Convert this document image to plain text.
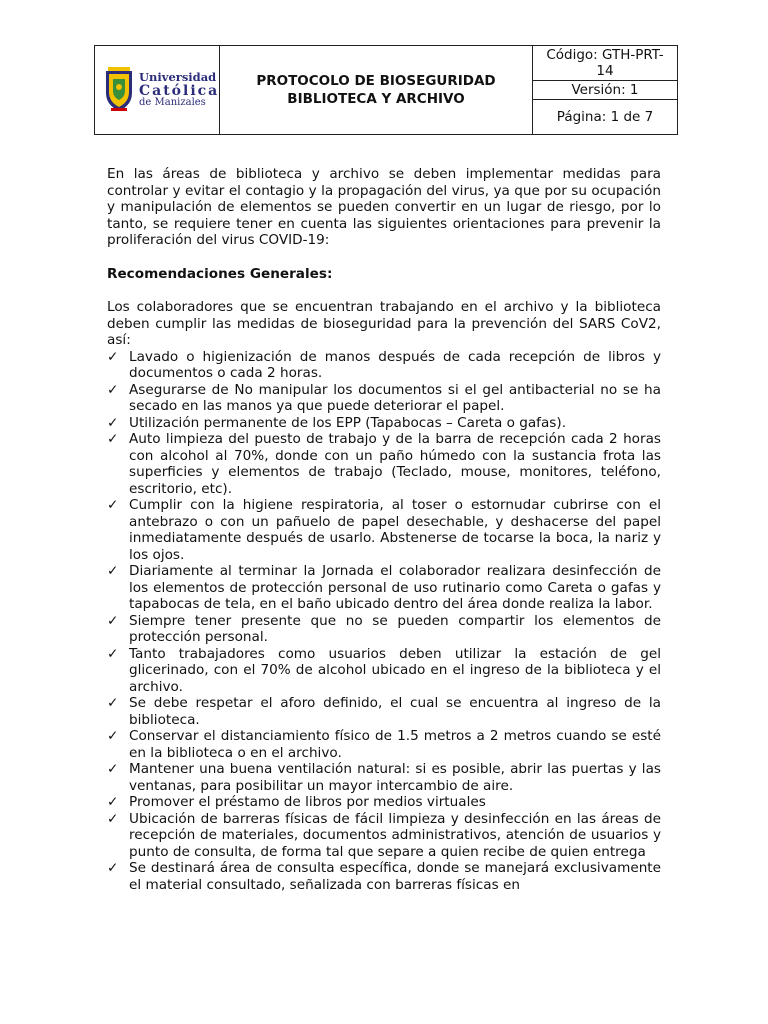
Universidad
Católica
de Manizales

PROTOCOLO DE BIOSEGURIDAD
BIBLIOTECA Y ARCHIVO

Código: GTH-PRT-14

Versión: 1
Página: 1 de 7

En las áreas de biblioteca y archivo se deben implementar medidas para controlar y evitar el contagio y la propagación del virus, ya que por su ocupación y manipulación de elementos se pueden convertir en un lugar de riesgo, por lo tanto, se requiere tener en cuenta las siguientes orientaciones para prevenir la proliferación del virus COVID-19:

Recomendaciones Generales:

Los colaboradores que se encuentran trabajando en el archivo y la biblioteca deben cumplir las medidas de bioseguridad para la prevención del SARS CoV2, así:

✓ Lavado o higienización de manos después de cada recepción de libros y documentos o cada 2 horas.
✓ Asegurarse de No manipular los documentos si el gel antibacterial no se ha secado en las manos ya que puede deteriorar el papel.
✓ Utilización permanente de los EPP (Tapabocas – Careta o gafas).
✓ Auto limpieza del puesto de trabajo y de la barra de recepción cada 2 horas con alcohol al 70%, donde con un paño húmedo con la sustancia frota las superficies y elementos de trabajo (Teclado, mouse, monitores, teléfono, escritorio, etc).
✓ Cumplir con la higiene respiratoria, al toser o estornudar cubrirse con el antebrazo o con un pañuelo de papel desechable, y deshacerse del papel inmediatamente después de usarlo. Abstenerse de tocarse la boca, la nariz y los ojos.
✓ Diariamente al terminar la Jornada el colaborador realizara desinfección de los elementos de protección personal de uso rutinario como Careta o gafas y tapabocas de tela, en el baño ubicado dentro del área donde realiza la labor.
✓ Siempre tener presente que no se pueden compartir los elementos de protección personal.
✓ Tanto trabajadores como usuarios deben utilizar la estación de gel glicerinado, con el 70% de alcohol ubicado en el ingreso de la biblioteca y el archivo.
✓ Se debe respetar el aforo definido, el cual se encuentra al ingreso de la biblioteca.
✓ Conservar el distanciamiento físico de 1.5 metros a 2 metros cuando se esté en la biblioteca o en el archivo.
✓ Mantener una buena ventilación natural: si es posible, abrir las puertas y las ventanas, para posibilitar un mayor intercambio de aire.
✓ Promover el préstamo de libros por medios virtuales
✓ Ubicación de barreras físicas de fácil limpieza y desinfección en las áreas de recepción de materiales, documentos administrativos, atención de usuarios y punto de consulta, de forma tal que separe a quien recibe de quien entrega
✓ Se destinará área de consulta específica, donde se manejará exclusivamente el material consultado, señalizada con barreras físicas en
